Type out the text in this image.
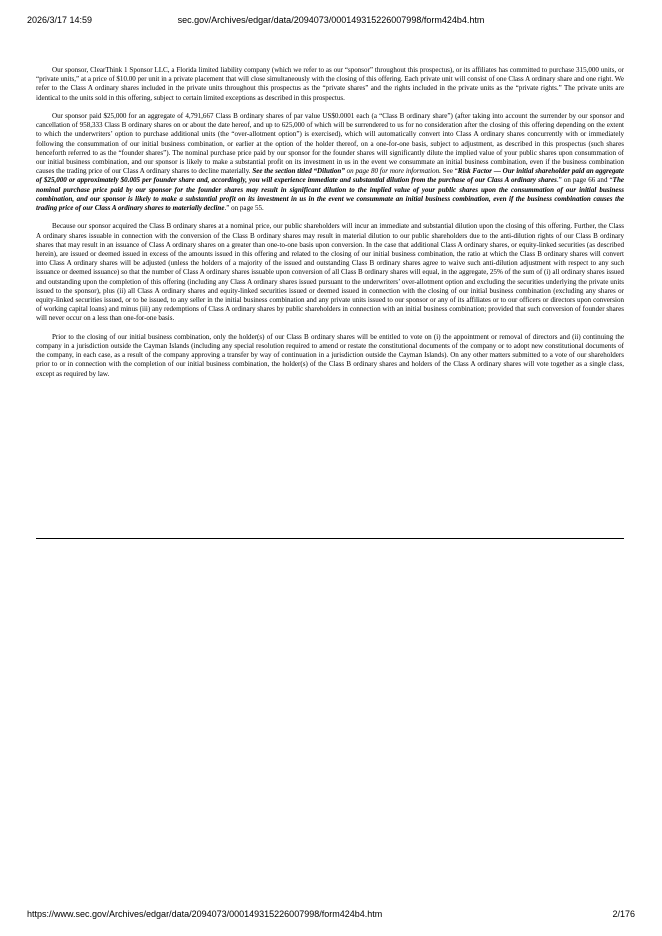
2026/3/17 14:59	sec.gov/Archives/edgar/data/2094073/000149315226007998/form424b4.htm

Our sponsor, ClearThink 1 Sponsor LLC, a Florida limited liability company (which we refer to as our “sponsor” throughout this prospectus), or its affiliates has committed to purchase 315,000 units, or “private units,” at a price of $10.00 per unit in a private placement that will close simultaneously with the closing of this offering. Each private unit will consist of one Class A ordinary share and one right. We refer to the Class A ordinary shares included in the private units throughout this prospectus as the “private shares” and the rights included in the private units as the “private rights.” The private units are identical to the units sold in this offering, subject to certain limited exceptions as described in this prospectus.

Our sponsor paid $25,000 for an aggregate of 4,791,667 Class B ordinary shares of par value US$0.0001 each (a “Class B ordinary share”) (after taking into account the surrender by our sponsor and cancellation of 958,333 Class B ordinary shares on or about the date hereof, and up to 625,000 of which will be surrendered to us for no consideration after the closing of this offering depending on the extent to which the underwriters’ option to purchase additional units (the “over-allotment option”) is exercised), which will automatically convert into Class A ordinary shares concurrently with or immediately following the consummation of our initial business combination, or earlier at the option of the holder thereof, on a one-for-one basis, subject to adjustment, as described in this prospectus (such shares henceforth referred to as the “founder shares”). The nominal purchase price paid by our sponsor for the founder shares will significantly dilute the implied value of your public shares upon consummation of our initial business combination, and our sponsor is likely to make a substantial profit on its investment in us in the event we consummate an initial business combination, even if the business combination causes the trading price of our Class A ordinary shares to decline materially. See the section titled “Dilution” on page 80 for more information. See “Risk Factor — Our initial shareholder paid an aggregate of $25,000 or approximately $0.005 per founder share and, accordingly, you will experience immediate and substantial dilution from the purchase of our Class A ordinary shares.” on page 66 and “The nominal purchase price paid by our sponsor for the founder shares may result in significant dilution to the implied value of your public shares upon the consummation of our initial business combination, and our sponsor is likely to make a substantial profit on its investment in us in the event we consummate an initial business combination, even if the business combination causes the trading price of our Class A ordinary shares to materially decline.” on page 55.

Because our sponsor acquired the Class B ordinary shares at a nominal price, our public shareholders will incur an immediate and substantial dilution upon the closing of this offering. Further, the Class A ordinary shares issuable in connection with the conversion of the Class B ordinary shares may result in material dilution to our public shareholders due to the anti-dilution rights of our Class B ordinary shares that may result in an issuance of Class A ordinary shares on a greater than one-to-one basis upon conversion. In the case that additional Class A ordinary shares, or equity-linked securities (as described herein), are issued or deemed issued in excess of the amounts issued in this offering and related to the closing of our initial business combination, the ratio at which the Class B ordinary shares will convert into Class A ordinary shares will be adjusted (unless the holders of a majority of the issued and outstanding Class B ordinary shares agree to waive such anti-dilution adjustment with respect to any such issuance or deemed issuance) so that the number of Class A ordinary shares issuable upon conversion of all Class B ordinary shares will equal, in the aggregate, 25% of the sum of (i) all ordinary shares issued and outstanding upon the completion of this offering (including any Class A ordinary shares issued pursuant to the underwriters’ over-allotment option and excluding the securities underlying the private units issued to the sponsor), plus (ii) all Class A ordinary shares and equity-linked securities issued or deemed issued in connection with the closing of our initial business combination (excluding any shares or equity-linked securities issued, or to be issued, to any seller in the initial business combination and any private units issued to our sponsor or any of its affiliates or to our officers or directors upon conversion of working capital loans) and minus (iii) any redemptions of Class A ordinary shares by public shareholders in connection with an initial business combination; provided that such conversion of founder shares will never occur on a less than one-for-one basis.

Prior to the closing of our initial business combination, only the holder(s) of our Class B ordinary shares will be entitled to vote on (i) the appointment or removal of directors and (ii) continuing the company in a jurisdiction outside the Cayman Islands (including any special resolution required to amend or restate the constitutional documents of the company or to adopt new constitutional documents of the company, in each case, as a result of the company approving a transfer by way of continuation in a jurisdiction outside the Cayman Islands). On any other matters submitted to a vote of our shareholders prior to or in connection with the completion of our initial business combination, the holder(s) of the Class B ordinary shares and holders of the Class A ordinary shares will vote together as a single class, except as required by law.

https://www.sec.gov/Archives/edgar/data/2094073/000149315226007998/form424b4.htm	2/176
